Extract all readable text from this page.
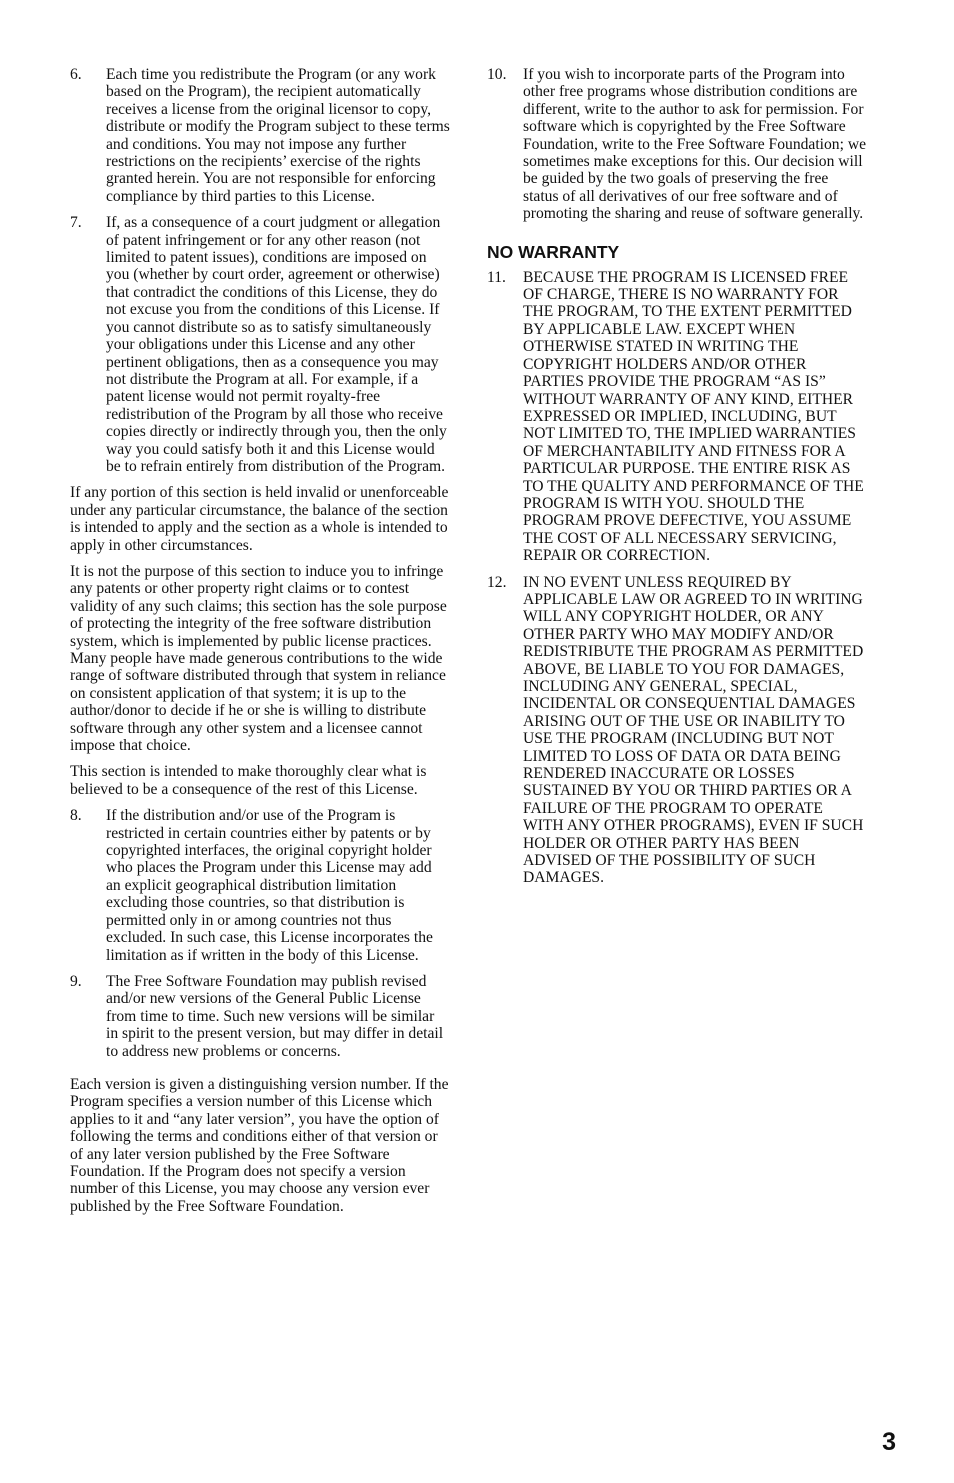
6.	Each time you redistribute the Program (or any work based on the Program), the recipient automatically receives a license from the original licensor to copy, distribute or modify the Program subject to these terms and conditions. You may not impose any further restrictions on the recipients’ exercise of the rights granted herein. You are not responsible for enforcing compliance by third parties to this License.
7.	If, as a consequence of a court judgment or allegation of patent infringement or for any other reason (not limited to patent issues), conditions are imposed on you (whether by court order, agreement or otherwise) that contradict the conditions of this License, they do not excuse you from the conditions of this License. If you cannot distribute so as to satisfy simultaneously your obligations under this License and any other pertinent obligations, then as a consequence you may not distribute the Program at all. For example, if a patent license would not permit royalty-free redistribution of the Program by all those who receive copies directly or indirectly through you, then the only way you could satisfy both it and this License would be to refrain entirely from distribution of the Program.

If any portion of this section is held invalid or unenforceable under any particular circumstance, the balance of the section is intended to apply and the section as a whole is intended to apply in other circumstances.

It is not the purpose of this section to induce you to infringe any patents or other property right claims or to contest validity of any such claims; this section has the sole purpose of protecting the integrity of the free software distribution system, which is implemented by public license practices. Many people have made generous contributions to the wide range of software distributed through that system in reliance on consistent application of that system; it is up to the author/donor to decide if he or she is willing to distribute software through any other system and a licensee cannot impose that choice.

This section is intended to make thoroughly clear what is believed to be a consequence of the rest of this License.

8.	If the distribution and/or use of the Program is restricted in certain countries either by patents or by copyrighted interfaces, the original copyright holder who places the Program under this License may add an explicit geographical distribution limitation excluding those countries, so that distribution is permitted only in or among countries not thus excluded. In such case, this License incorporates the limitation as if written in the body of this License.
9.	The Free Software Foundation may publish revised and/or new versions of the General Public License from time to time. Such new versions will be similar in spirit to the present version, but may differ in detail to address new problems or concerns.

Each version is given a distinguishing version number. If the Program specifies a version number of this License which applies to it and “any later version”, you have the option of following the terms and conditions either of that version or of any later version published by the Free Software Foundation. If the Program does not specify a version number of this License, you may choose any version ever published by the Free Software Foundation.

10.	If you wish to incorporate parts of the Program into other free programs whose distribution conditions are different, write to the author to ask for permission. For software which is copyrighted by the Free Software Foundation, write to the Free Software Foundation; we sometimes make exceptions for this. Our decision will be guided by the two goals of preserving the free status of all derivatives of our free software and of promoting the sharing and reuse of software generally.
NO WARRANTY
11.	BECAUSE THE PROGRAM IS LICENSED FREE OF CHARGE, THERE IS NO WARRANTY FOR THE PROGRAM, TO THE EXTENT PERMITTED BY APPLICABLE LAW. EXCEPT WHEN OTHERWISE STATED IN WRITING THE COPYRIGHT HOLDERS AND/OR OTHER PARTIES PROVIDE THE PROGRAM “AS IS” WITHOUT WARRANTY OF ANY KIND, EITHER EXPRESSED OR IMPLIED, INCLUDING, BUT NOT LIMITED TO, THE IMPLIED WARRANTIES OF MERCHANTABILITY AND FITNESS FOR A PARTICULAR PURPOSE. THE ENTIRE RISK AS TO THE QUALITY AND PERFORMANCE OF THE PROGRAM IS WITH YOU. SHOULD THE PROGRAM PROVE DEFECTIVE, YOU ASSUME THE COST OF ALL NECESSARY SERVICING, REPAIR OR CORRECTION.
12.	IN NO EVENT UNLESS REQUIRED BY APPLICABLE LAW OR AGREED TO IN WRITING WILL ANY COPYRIGHT HOLDER, OR ANY OTHER PARTY WHO MAY MODIFY AND/OR REDISTRIBUTE THE PROGRAM AS PERMITTED ABOVE, BE LIABLE TO YOU FOR DAMAGES, INCLUDING ANY GENERAL, SPECIAL, INCIDENTAL OR CONSEQUENTIAL DAMAGES ARISING OUT OF THE USE OR INABILITY TO USE THE PROGRAM (INCLUDING BUT NOT LIMITED TO LOSS OF DATA OR DATA BEING RENDERED INACCURATE OR LOSSES SUSTAINED BY YOU OR THIRD PARTIES OR A FAILURE OF THE PROGRAM TO OPERATE WITH ANY OTHER PROGRAMS), EVEN IF SUCH HOLDER OR OTHER PARTY HAS BEEN ADVISED OF THE POSSIBILITY OF SUCH DAMAGES.
3
